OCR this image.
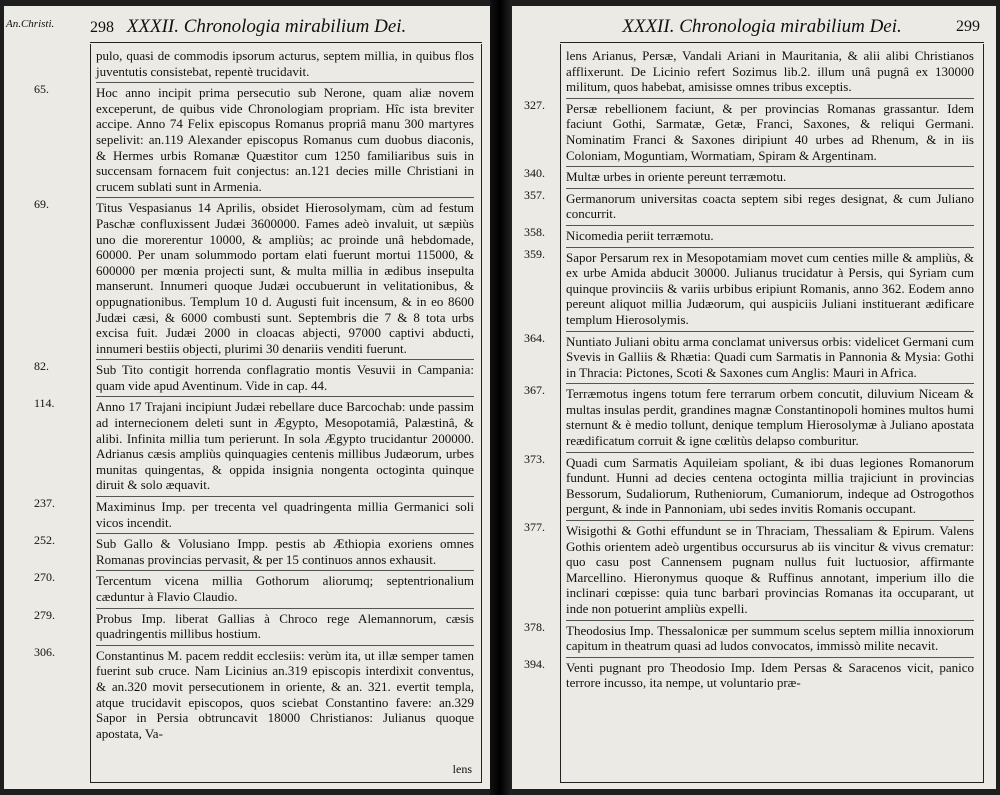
An.Christi.	298 XXXII. Chronologia mirabilium Dei.
pulo, quasi de commodis ipsorum acturus, septem millia, in quibus flos juventutis consistebat, repentè trucidavit.
65.	Hoc anno incipit prima persecutio sub Nerone, quam aliæ novem exceperunt, de quibus vide Chronologiam propriam. Hîc ista breviter accipe. Anno 74 Felix episcopus Romanus propriâ manu 300 martyres sepelivit: an.119 Alexander episcopus Romanus cum duobus diaconis, & Hermes urbis Romanæ Quæstitor cum 1250 familiaribus suis in succensam fornacem fuit conjectus: an.121 decies mille Christiani in crucem sublati sunt in Armenia.
69.	Titus Vespasianus 14 Aprilis, obsidet Hierosolymam, cùm ad festum Paschæ confluxissent Judæi 3600000. Fames adeò invaluit, ut sæpiùs uno die morerentur 10000, & ampliùs; ac proinde unâ hebdomade, 60000. Per unam solummodo portam elati fuerunt mortui 115000, & 600000 per mœnia projecti sunt, & multa millia in ædibus insepulta manserunt. Innumeri quoque Judæi occubuerunt in velitationibus, & oppugnationibus. Templum 10 d. Augusti fuit incensum, & in eo 8600 Judæi cæsi, & 6000 combusti sunt. Septembris die 7 & 8 tota urbs excisa fuit. Judæi 2000 in cloacas abjecti, 97000 captivi abducti, innumeri bestiis objecti, plurimi 30 denariis venditi fuerunt.
82.	Sub Tito contigit horrenda conflagratio montis Vesuvii in Campania: quam vide apud Aventinum. Vide in cap. 44.
114.	Anno 17 Trajani incipiunt Judæi rebellare duce Barcochab: unde passim ad internecionem deleti sunt in Ægypto, Mesopotamiâ, Palæstinâ, & alibi. Infinita millia tum perierunt. In sola Ægypto trucidantur 200000. Adrianus cæsis ampliùs quinquagies centenis millibus Judæorum, urbes munitas quingentas, & oppida insignia nongenta octoginta quinque diruit & solo æquavit.
237.	Maximinus Imp. per trecenta vel quadringenta millia Germanici soli vicos incendit.
252.	Sub Gallo & Volusiano Impp. pestis ab Æthiopia exoriens omnes Romanas provincias pervasit, & per 15 continuos annos exhausit.
270.	Tercentum vicena millia Gothorum aliorumq; septentrionalium cæduntur à Flavio Claudio.
279.	Probus Imp. liberat Gallias à Chroco rege Alemannorum, cæsis quadringentis millibus hostium.
306.	Constantinus M. pacem reddit ecclesiis: verùm ita, ut illæ semper tamen fuerint sub cruce. Nam Licinius an.319 episcopis interdixit conventus, & an.320 movit persecutionem in oriente, & an. 321. evertit templa, atque trucidavit episcopos, quos sciebat Constantino favere: an.329 Sapor in Persia obtruncavit 18000 Christianos: Julianus quoque apostata, Va-
lens
XXXII. Chronologia mirabilium Dei.	299
lens Arianus, Persæ, Vandali Ariani in Mauritania, & alii alibi Christianos afflixerunt. De Licinio refert Sozimus lib.2. illum unâ pugnâ ex 130000 militum, quos habebat, amisisse omnes tribus exceptis.
327. Persæ rebellionem faciunt, & per provincias Romanas grassantur. Idem faciunt Gothi, Sarmatæ, Getæ, Franci, Saxones, & reliqui Germani. Nominatim Franci & Saxones diripiunt 40 urbes ad Rhenum, & in iis Coloniam, Moguntiam, Wormatiam, Spiram & Argentinam.
340. Multæ urbes in oriente pereunt terræmotu.
357. Germanorum universitas coacta septem sibi reges designat, & cum Juliano concurrit.
358. Nicomedia periit terræmotu.
359. Sapor Persarum rex in Mesopotamiam movet cum centies mille & ampliùs, & ex urbe Amida abducit 30000. Julianus trucidatur à Persis, qui Syriam cum quinque provinciis & variis urbibus eripiunt Romanis, anno 362. Eodem anno pereunt aliquot millia Judæorum, qui auspiciis Juliani instituerant ædificare templum Hierosolymis.
364. Nuntiato Juliani obitu arma conclamat universus orbis: videlicet Germani cum Svevis in Galliis & Rhætia: Quadi cum Sarmatis in Pannonia & Mysia: Gothi in Thracia: Pictones, Scoti & Saxones cum Anglis: Mauri in Africa.
367. Terræmotus ingens totum fere terrarum orbem concutit, diluvium Niceam & multas insulas perdit, grandines magnæ Constantinopoli homines multos humi sternunt & è medio tollunt, denique templum Hierosolymæ à Juliano apostata reædificatum corruit & igne cœlitùs delapso comburitur.
373. Quadi cum Sarmatis Aquileiam spoliant, & ibi duas legiones Romanorum fundunt. Hunni ad decies centena octoginta millia trajiciunt in provincias Bessorum, Sudaliorum, Rutheniorum, Cumaniorum, indeque ad Ostrogothos pergunt, & inde in Pannoniam, ubi sedes invitis Romanis occupant.
377. Wisigothi & Gothi effundunt se in Thraciam, Thessaliam & Epirum. Valens Gothis orientem adeò urgentibus occursurus ab iis vincitur & vivus crematur: quo casu post Cannensem pugnam nullus fuit luctuosior, affirmante Marcellino. Hieronymus quoque & Ruffinus annotant, imperium illo die inclinari cœpisse: quia tunc barbari provincias Romanas ita occuparant, ut inde non potuerint ampliùs expelli.
378. Theodosius Imp. Thessalonicæ per summum scelus septem millia innoxiorum capitum in theatrum quasi ad ludos convocatos, immissò milite necavit.
394. Venti pugnant pro Theodosio Imp. Idem Persas & Saracenos vicit, panico terrore incusso, ita nempe, ut voluntario præ-
